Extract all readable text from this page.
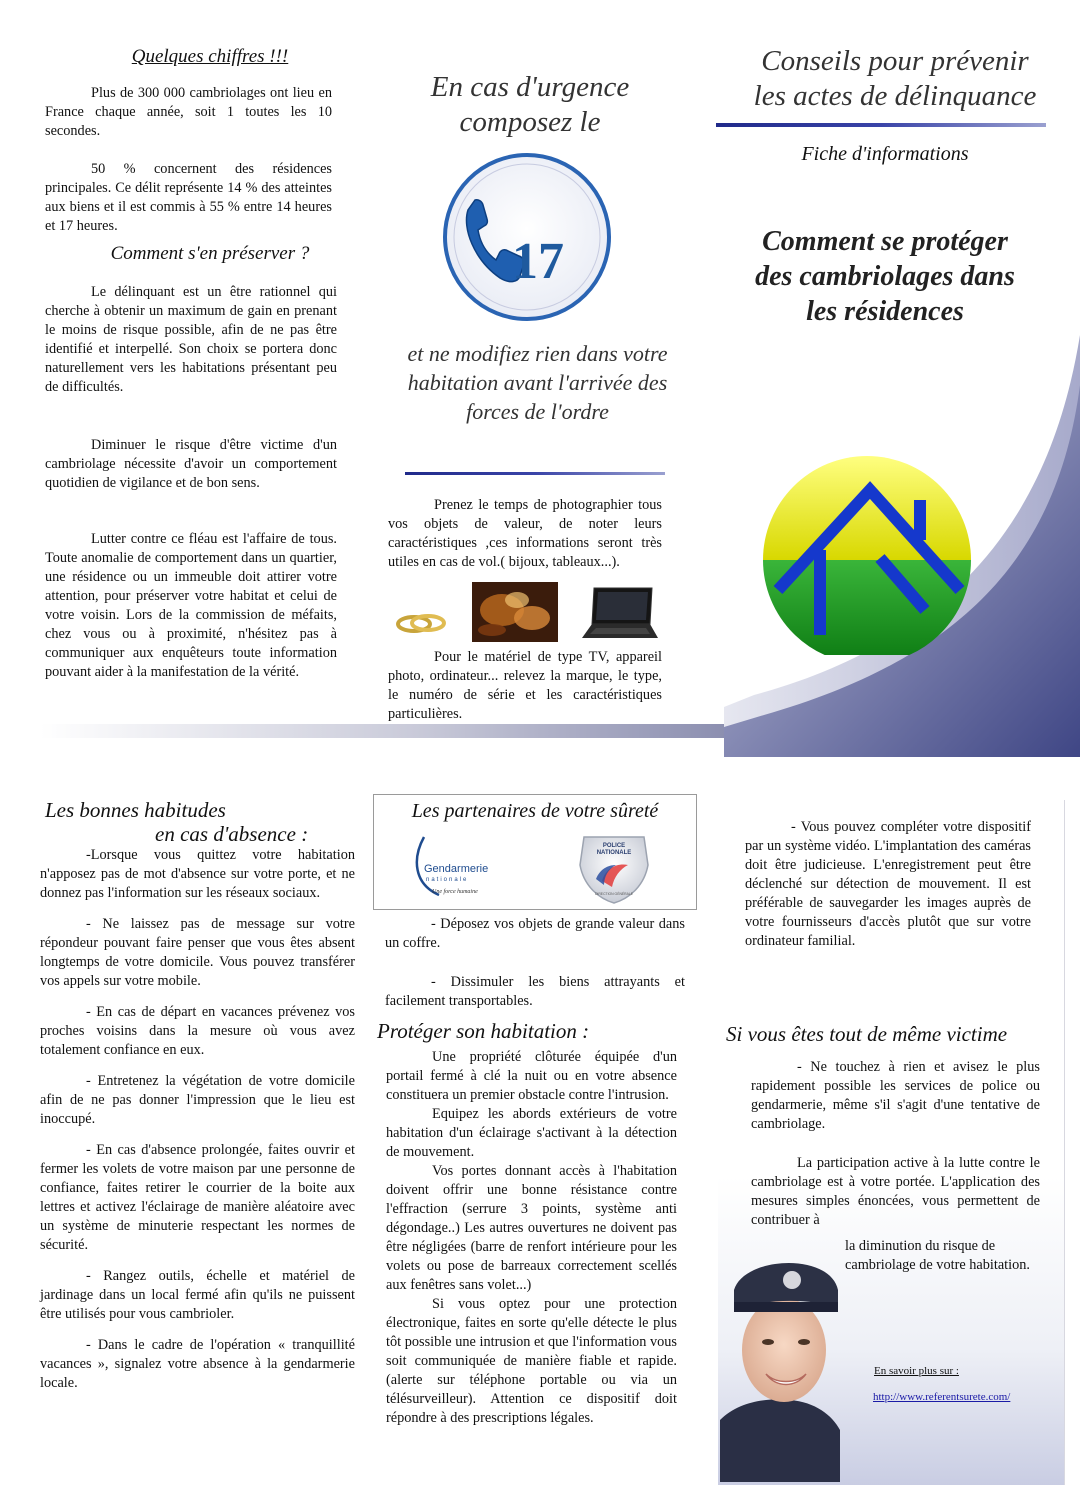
Quelques chiffres !!!

Plus de 300 000 cambriolages ont lieu en France chaque année, soit 1 toutes les 10 secondes.

50 % concernent des résidences principales. Ce délit représente 14 % des atteintes aux biens et il est commis à 55 % entre 14 heures et 17 heures.

Comment s'en préserver ?

Le délinquant est un être rationnel qui cherche à obtenir un maximum de gain en prenant le moins de risque possible, afin de ne pas être identifié et interpellé. Son choix se portera donc naturellement vers les habitations présentant peu de difficultés.

Diminuer le risque d'être victime d'un cambriolage nécessite d'avoir un comportement quotidien de vigilance et de bon sens.

Lutter contre ce fléau est l'affaire de tous. Toute anomalie de comportement dans un quartier, une résidence ou un immeuble doit attirer votre attention, pour préserver votre habitat et celui de votre voisin. Lors de la commission de méfaits, chez vous ou à proximité, n'hésitez pas à communiquer aux enquêteurs toute information pouvant aider à la manifestation de la vérité.

En cas d'urgence
composez le
17
et ne modifiez rien dans votre habitation avant l'arrivée des forces de l'ordre

Prenez le temps de photographier tous vos objets de valeur, de noter leurs caractéristiques ,ces informations seront très utiles en cas de vol.( bijoux, tableaux...).

Pour le matériel de type TV, appareil photo, ordinateur... relevez la marque, le type, le numéro de série et les caractéristiques particulières.

Conseils pour prévenir
les actes de délinquance
Fiche d'informations
Comment se protéger
des cambriolages dans
les résidences
Les bonnes habitudes
en cas d'absence :

-Lorsque vous quittez votre habitation n'apposez pas de mot d'absence sur votre porte, et ne donnez pas l'information sur les réseaux sociaux.

- Ne laissez pas de message sur votre répondeur pouvant faire penser que vous êtes absent longtemps de votre domicile. Vous pouvez transférer vos appels sur votre mobile.

- En cas de départ en vacances prévenez vos proches voisins dans la mesure où vous avez totalement confiance en eux.

- Entretenez la végétation de votre domicile afin de ne pas donner l'impression que le lieu est inoccupé.

- En cas d'absence prolongée, faites ouvrir et fermer les volets de votre maison par une personne de confiance, faites retirer le courrier de la boite aux lettres et activez l'éclairage de manière aléatoire avec un système de minuterie respectant les normes de sécurité.

- Rangez outils, échelle et matériel de jardinage dans un local fermé afin qu'ils ne puissent être utilisés pour vous cambrioler.

- Dans le cadre de l'opération « tranquillité vacances », signalez votre absence à la gendarmerie locale.

Les partenaires de votre sûreté
Gendarmerie
nationale
Une force humaine
POLICE
NATIONALE
DIRECTION GÉNÉRALE

- Déposez vos objets de grande valeur dans un coffre.

- Dissimuler les biens attrayants et facilement transportables.

Protéger son habitation :

Une propriété clôturée équipée d'un portail fermé à clé la nuit ou en votre absence constituera un premier obstacle contre l'intrusion.

Equipez les abords extérieurs de votre habitation d'un éclairage s'activant à la détection de mouvement.

Vos portes donnant accès à l'habitation doivent offrir une bonne résistance contre l'effraction (serrure 3 points, système anti dégondage..) Les autres ouvertures ne doivent pas être négligées (barre de renfort intérieure pour les volets ou pose de barreaux correctement scellés aux fenêtres sans volet...)

Si vous optez pour une protection électronique, faites en sorte qu'elle détecte le plus tôt possible une intrusion et que l'information vous soit communiquée de manière fiable et rapide. (alerte sur téléphone portable ou via un télésurveilleur). Attention ce dispositif doit répondre à des prescriptions légales.

- Vous pouvez compléter votre dispositif par un système vidéo. L'implantation des caméras doit être judicieuse. L'enregistrement peut être déclenché sur détection de mouvement. Il est préférable de sauvegarder les images auprès de votre fournisseurs d'accès plutôt que sur votre ordinateur familial.

Si vous êtes tout de même victime

- Ne touchez à rien et avisez le plus rapidement possible les services de police ou gendarmerie, même s'il s'agit d'une tentative de cambriolage.

La participation active à la lutte contre le cambriolage est à votre portée. L'application des mesures simples énoncées, vous permettent de contribuer à

la diminution du risque de cambriolage de votre habitation.

En savoir plus sur :
http://www.referentsurete.com/
